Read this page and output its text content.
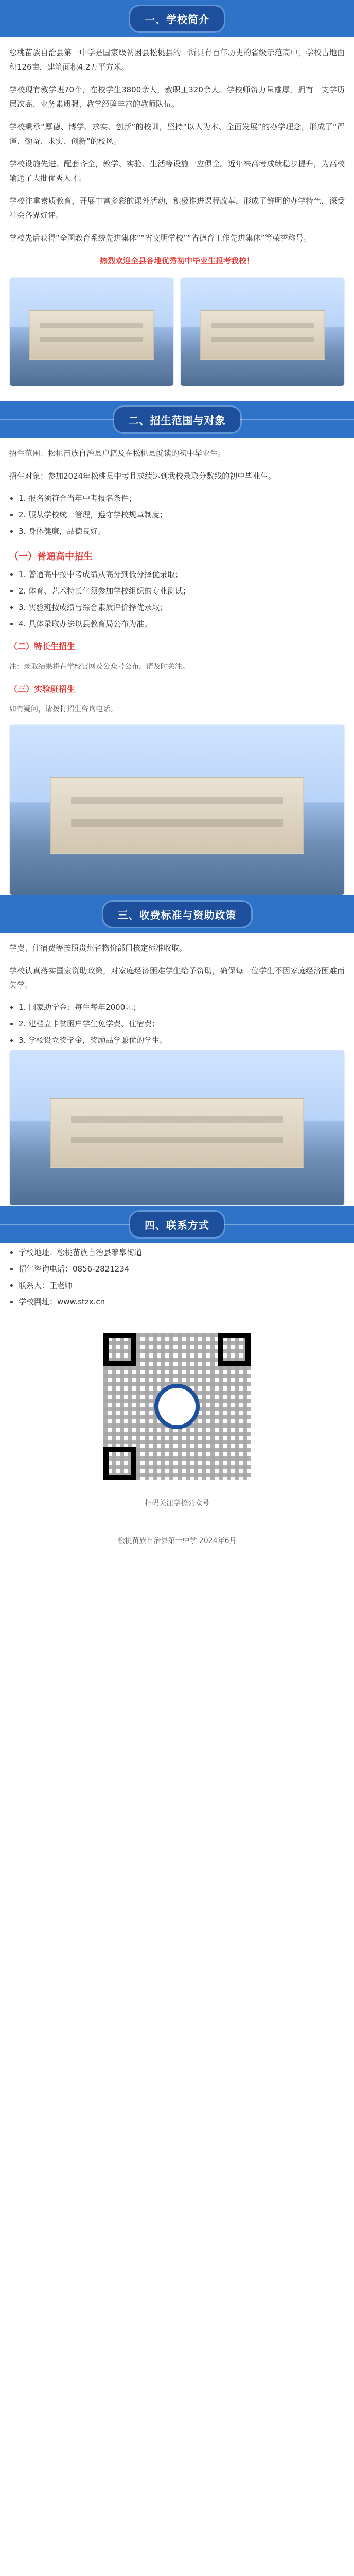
一、学校简介
松桃苗族自治县第一中学是国家级贫困县松桃县的一所具有百年历史的省级示范高中，学校占地面积126亩，建筑面积4.2万平方米。
学校现有教学班70个，在校学生3800余人，教职工320余人。学校师资力量雄厚，拥有一支学历层次高、业务素质强、教学经验丰富的教师队伍。
学校秉承“厚德、博学、求实、创新”的校训，坚持“以人为本、全面发展”的办学理念，形成了“严谨、勤奋、求实、创新”的校风。
学校设施先进、配套齐全，教学、实验、生活等设施一应俱全。近年来高考成绩稳步提升，为高校输送了大批优秀人才。
学校注重素质教育，开展丰富多彩的课外活动，积极推进课程改革，形成了鲜明的办学特色，深受社会各界好评。
学校先后获得“全国教育系统先进集体”“省文明学校”“省德育工作先进集体”等荣誉称号。
热烈欢迎全县各地优秀初中毕业生报考我校！
二、招生范围与对象
招生范围：松桃苗族自治县户籍及在松桃县就读的初中毕业生。
招生对象：参加2024年松桃县中考且成绩达到我校录取分数线的初中毕业生。
• 1. 报名须符合当年中考报名条件；
• 2. 服从学校统一管理，遵守学校规章制度；
• 3. 身体健康，品德良好。
（一）普通高中招生
• 1. 普通高中按中考成绩从高分到低分择优录取；
• 2. 体育、艺术特长生须参加学校组织的专业测试；
• 3. 实验班按成绩与综合素质评价择优录取；
• 4. 具体录取办法以县教育局公布为准。
（二）特长生招生
注：录取结果将在学校官网及公众号公布，请及时关注。
（三）实验班招生
如有疑问，请拨打招生咨询电话。
三、收费标准与资助政策
学费、住宿费等按照贵州省物价部门核定标准收取。
学校认真落实国家资助政策，对家庭经济困难学生给予资助，确保每一位学生不因家庭经济困难而失学。
• 1. 国家助学金：每生每年2000元；
• 2. 建档立卡贫困户学生免学费、住宿费；
• 3. 学校设立奖学金，奖励品学兼优的学生。
四、联系方式
• 学校地址：松桃苗族自治县蓼皋街道
• 招生咨询电话：0856-2821234
• 联系人：王老师
• 学校网址：www.stzx.cn
扫码关注学校公众号
松桃苗族自治县第一中学 2024年6月
